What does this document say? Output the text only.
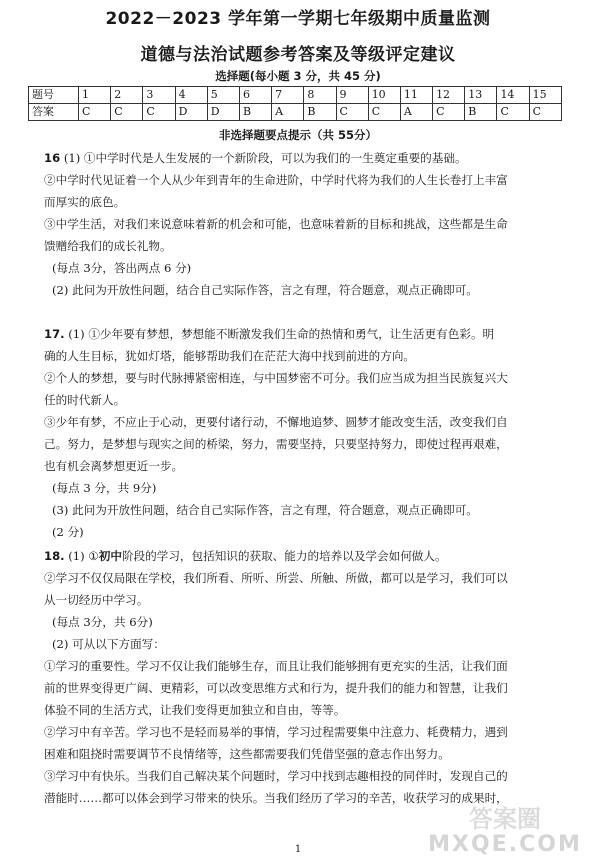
2022－2023 学年第一学期七年级期中质量监测
道德与法治试题参考答案及等级评定建议
选择题(每小题 3 分，共 45 分)
题号	1	2	3	4	5	6	7	8	9	10	11	12	13	14	15
答案	C	C	C	D	D	B	A	B	C	C	A	C	B	C	C
非选择题要点提示（共 55分）
16 (1) ①中学时代是人生发展的一个新阶段，可以为我们的一生奠定重要的基础。
②中学时代见证着一个人从少年到青年的生命进阶，中学时代将为我们的人生长卷打上丰富
而厚实的底色。
③中学生活，对我们来说意味着新的机会和可能，也意味着新的目标和挑战，这些都是生命
馈赠给我们的成长礼物。
(每点 3分，答出两点 6 分)
(2) 此问为开放性问题，结合自己实际作答，言之有理，符合题意，观点正确即可。
17. (1) ①少年要有梦想，梦想能不断激发我们生命的热情和勇气，让生活更有色彩。明
确的人生目标，犹如灯塔，能够帮助我们在茫茫大海中找到前进的方向。
②个人的梦想，要与时代脉搏紧密相连，与中国梦密不可分。我们应当成为担当民族复兴大
任的时代新人。
③少年有梦，不应止于心动，更要付诸行动，不懈地追梦、圆梦才能改变生活，改变我们自
己。努力，是梦想与现实之间的桥梁，努力，需要坚持，只要坚持努力，即使过程再艰难，
也有机会离梦想更近一步。
(每点 3 分，共 9分)
(3) 此问为开放性问题，结合自己实际作答，言之有理，符合题意，观点正确即可。
(2 分)
18. (1) ①初中阶段的学习，包括知识的获取、能力的培养以及学会如何做人。
②学习不仅仅局限在学校，我们所看、所听、所尝、所触、所做，都可以是学习，我们可以
从一切经历中学习。
(每点 3分，共 6分)
(2) 可从以下方面写：
①学习的重要性。学习不仅让我们能够生存，而且让我们能够拥有更充实的生活，让我们面
前的世界变得更广阔、更精彩，可以改变思维方式和行为，提升我们的能力和智慧，让我们
体验不同的生活方式，让我们变得更加独立和自由，等等。
②学习中有辛苦。学习也不是轻而易举的事情，学习过程需要集中注意力、耗费精力，遇到
困难和阻挠时需要调节不良情绪等，这些都需要我们凭借坚强的意志作出努力。
③学习中有快乐。当我们自己解决某个问题时，学习中找到志趣相投的同伴时，发现自己的
潜能时……都可以体会到学习带来的快乐。当我们经历了学习的辛苦，收获学习的成果时，
1
答案圈
MXQE.COM
